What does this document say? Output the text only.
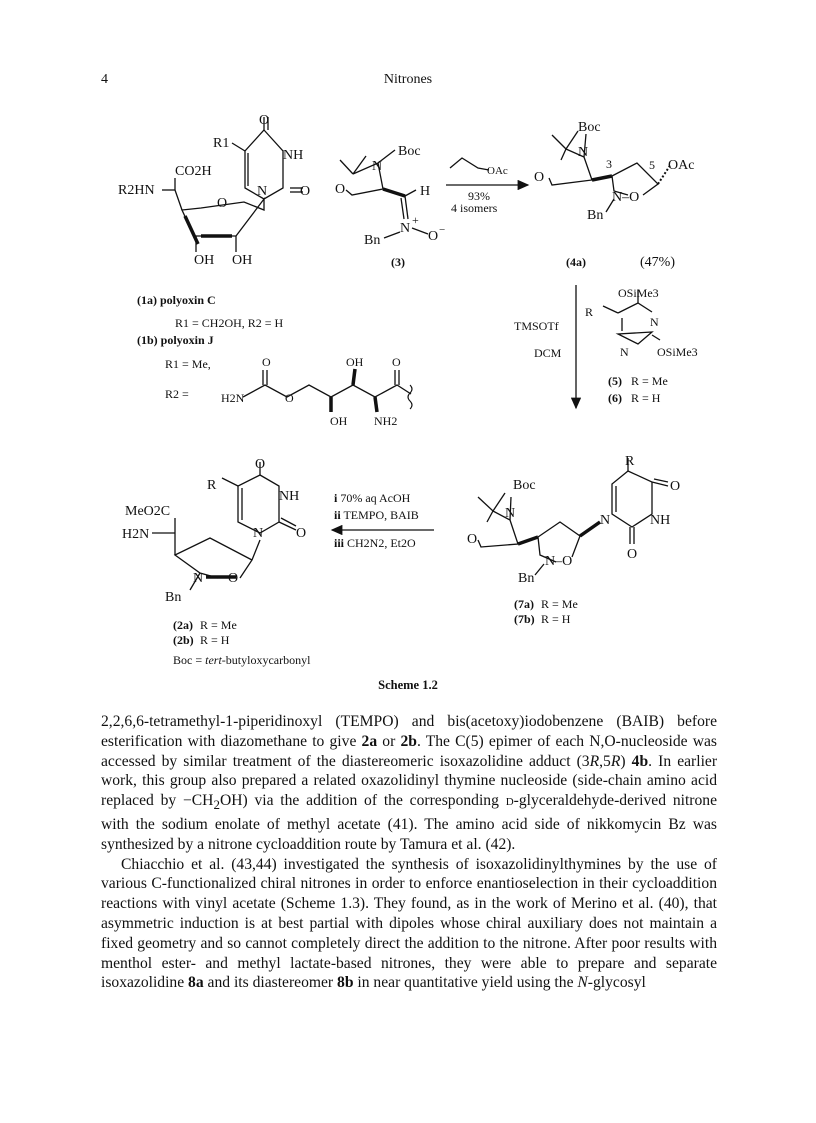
4	Nitrones
O
NH
O
N
R1
CO2H
R2HN
O
OH OH
N
Boc
O	H
N
+
Bn	O −
OAc
93%
4 isomers
Boc
N
O
3	5 OAc
N–O
Bn
(3)	(4a)	(47%)
(1a) polyoxin C
R1 = CH2OH, R2 = H
(1b) polyoxin J
R1 = Me,
R2 =
O
H2N	O
OH O
OH NH2
TMSOTf
DCM
OSiMe3
R
N
N OSiMe3
(5) R = Me
(6) R = H
R
O
NH
O
N
Boc
N
O
N–O
Bn
(7a) R = Me
(7b) R = H
i 70% aq AcOH
ii TEMPO, BAIB
iii CH2N2, Et2O
O
NH
O
N
R
MeO2C
H2N
N O
Bn
(2a) R = Me
(2b) R = H
Boc = tert-butyloxycarbonyl
Scheme 1.2

2,2,6,6-tetramethyl-1-piperidinoxyl (TEMPO) and bis(acetoxy)iodobenzene (BAIB) before esterification with diazomethane to give 2a or 2b. The C(5) epimer of each N,O-nucleoside was accessed by similar treatment of the diastereomeric isoxazolidine adduct (3R,5R) 4b. In earlier work, this group also prepared a related oxazolidinyl thymine nucleoside (side-chain amino acid replaced by $-CH_2OH$) via the addition of the corresponding d-glyceraldehyde-derived nitrone with the sodium enolate of methyl acetate (41). The amino acid side of nikkomycin Bz was synthesized by a nitrone cycloaddition route by Tamura et al. (42).

Chiacchio et al. (43,44) investigated the synthesis of isoxazolidinylthymines by the use of various C-functionalized chiral nitrones in order to enforce enantioselection in their cycloaddition reactions with vinyl acetate (Scheme 1.3). They found, as in the work of Merino et al. (40), that asymmetric induction is at best partial with dipoles whose chiral auxiliary does not maintain a fixed geometry and so cannot completely direct the addition to the nitrone. After poor results with menthol ester- and methyl lactate-based nitrones, they were able to prepare and separate isoxazolidine 8a and its diastereomer 8b in near quantitative yield using the N-glycosyl
